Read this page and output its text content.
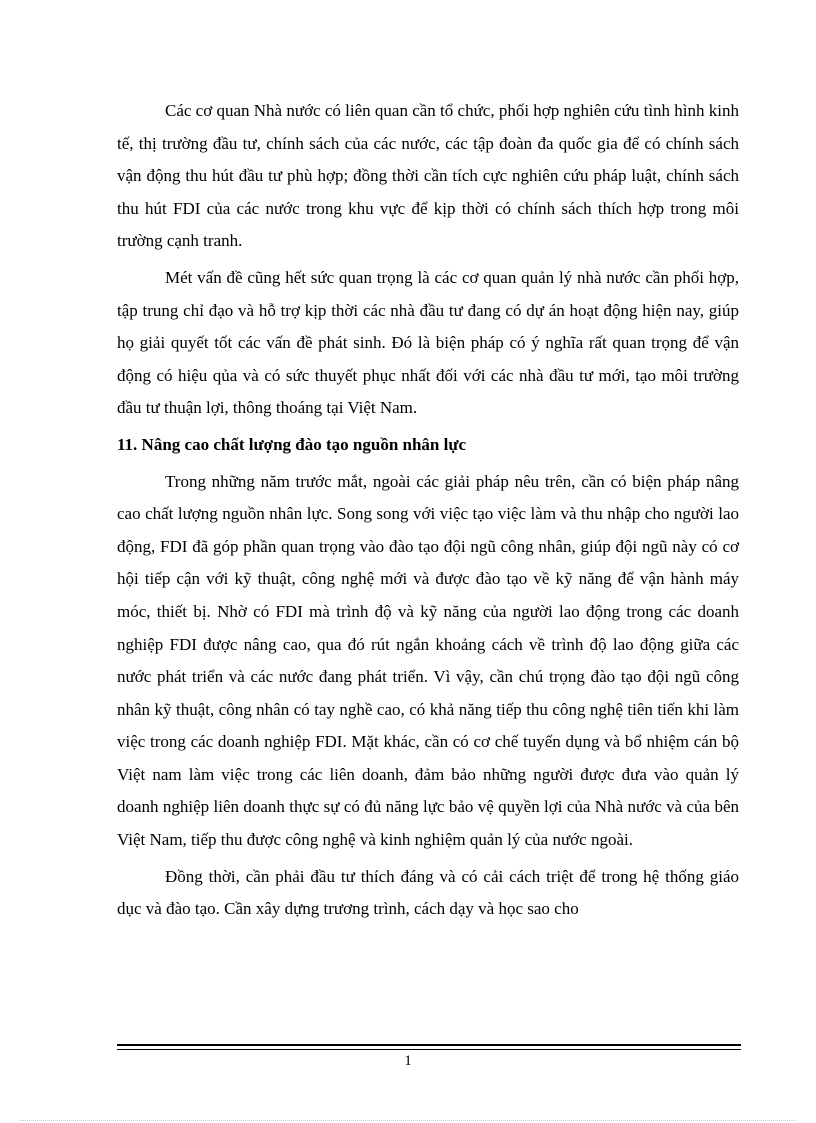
Các cơ quan Nhà nước có liên quan cần tổ chức, phối hợp nghiên cứu tình hình kinh tế, thị trường đầu tư, chính sách của các nước, các tập đoàn đa quốc gia để có chính sách vận động thu hút đầu tư phù hợp; đồng thời cần tích cực nghiên cứu pháp luật, chính sách thu hút FDI của các nước trong khu vực để kịp thời có chính sách thích hợp trong môi trường cạnh tranh.

Mét vấn đề cũng hết sức quan trọng là các cơ quan quản lý nhà nước cần phối hợp, tập trung chỉ đạo và hỗ trợ kịp thời các nhà đầu tư đang có dự án hoạt động hiện nay, giúp họ giải quyết tốt các vấn đề phát sinh. Đó là biện pháp có ý nghĩa rất quan trọng để vận động có hiệu qủa và có sức thuyết phục nhất đối với các nhà đầu tư mới, tạo môi trường đầu tư thuận lợi, thông thoáng tại Việt Nam.

11. Nâng cao chất lượng đào tạo nguồn nhân lực

Trong những năm trước mắt, ngoài các giải pháp nêu trên, cần có biện pháp nâng cao chất lượng nguồn nhân lực. Song song với việc tạo việc làm và thu nhập cho người lao động, FDI đã góp phần quan trọng vào đào tạo đội ngũ công nhân, giúp đội ngũ này có cơ hội tiếp cận với kỹ thuật, công nghệ mới và được đào tạo về kỹ năng để vận hành máy móc, thiết bị. Nhờ có FDI mà trình độ và kỹ năng của người lao động trong các doanh nghiệp FDI được nâng cao, qua đó rút ngắn khoảng cách về trình độ lao động giữa các nước phát triển và các nước đang phát triển. Vì vậy, cần chú trọng đào tạo đội ngũ công nhân kỹ thuật, công nhân có tay nghề cao, có khả năng tiếp thu công nghệ tiên tiến khi làm việc trong các doanh nghiệp FDI. Mặt khác, cần có cơ chế tuyển dụng và bổ nhiệm cán bộ Việt nam làm việc trong các liên doanh, đảm bảo những người được đưa vào quản lý doanh nghiệp liên doanh thực sự có đủ năng lực bảo vệ quyền lợi của Nhà nước và của bên Việt Nam, tiếp thu được công nghệ và kinh nghiệm quản lý của nước ngoài.

Đồng thời, cần phải đầu tư thích đáng và có cải cách triệt để trong hệ thống giáo dục và đào tạo. Cần xây dựng trương trình, cách dạy và học sao cho

1
